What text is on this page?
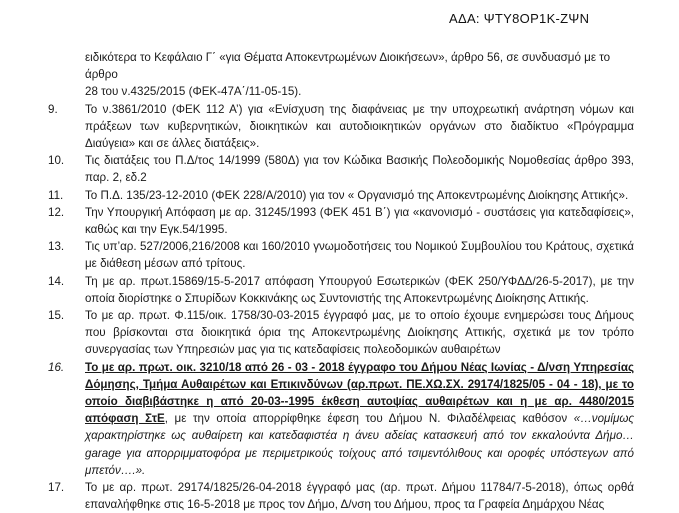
ΑΔΑ: ΨΤΥ8ΟΡ1Κ-ΖΨΝ
ειδικότερα το Κεφάλαιο Γ΄ «για Θέματα Αποκεντρωμένων Διοικήσεων», άρθρο 56, σε συνδυασμό με το άρθρο
28 του ν.4325/2015 (ΦΕΚ-47Α΄/11-05-15).
9. Το ν.3861/2010 (ΦΕΚ 112 Α’) για «Ενίσχυση της διαφάνειας με την υποχρεωτική ανάρτηση νόμων και πράξεων των κυβερνητικών, διοικητικών και αυτοδιοικητικών οργάνων στο διαδίκτυο «Πρόγραμμα Διαύγεια» και σε άλλες διατάξεις».
10. Τις διατάξεις του Π.Δ/τος 14/1999 (580Δ) για τον Κώδικα Βασικής Πολεοδομικής Νομοθεσίας άρθρο 393, παρ. 2, εδ.2
11. Το Π.Δ. 135/23-12-2010 (ΦΕΚ 228/Α/2010) για τον « Οργανισμό της Αποκεντρωμένης Διοίκησης Αττικής».
12. Την Υπουργική Απόφαση με αρ. 31245/1993 (ΦΕΚ 451 Β΄) για «κανονισμό - συστάσεις για κατεδαφίσεις», καθώς και την Εγκ.54/1995.
13. Τις υπ’αρ. 527/2006,216/2008 και 160/2010 γνωμοδοτήσεις του Νομικού Συμβουλίου του Κράτους, σχετικά με διάθεση μέσων από τρίτους.
14. Τη με αρ. πρωτ.15869/15-5-2017 απόφαση Υπουργού Εσωτερικών (ΦΕΚ 250/ΥΦΔΔ/26-5-2017), με την οποία διορίστηκε ο Σπυρίδων Κοκκινάκης ως Συντονιστής της Αποκεντρωμένης Διοίκησης Αττικής.
15. Το με αρ. πρωτ. Φ.115/οικ. 1758/30-03-2015 έγγραφό μας, με το οποίο έχουμε ενημερώσει τους Δήμους που βρίσκονται στα διοικητικά όρια της Αποκεντρωμένης Διοίκησης Αττικής, σχετικά με τον τρόπο συνεργασίας των Υπηρεσιών μας για τις κατεδαφίσεις πολεοδομικών αυθαιρέτων
16. Το με αρ. πρωτ. οικ. 3210/18 από 26 - 03 - 2018 έγγραφο του Δήμου Νέας Ιωνίας - Δ/νση Υπηρεσίας Δόμησης, Τμήμα Αυθαιρέτων και Επικινδύνων (αρ.πρωτ. ΠΕ.ΧΩ.ΣΧ. 29174/1825/05 - 04 - 18), με το οποίο διαβιβάστηκε η από 20-03-‐1995 έκθεση αυτοψίας αυθαιρέτων και η με αρ. 4480/2015 απόφαση ΣτΕ, με την οποία απορρίφθηκε έφεση του Δήμου Ν. Φιλαδέλφειας καθόσον «…νομίμως χαρακτηρίστηκε ως αυθαίρετη και κατεδαφιστέα η άνευ αδείας κατασκευή από τον εκκαλούντα Δήμο…garage για απορριμματοφόρα με περιμετρικούς τοίχους από τσιμεντόλιθους και οροφές υπόστεγων από μπετόν….».
17. Το με αρ. πρωτ. 29174/1825/26-04-2018 έγγραφό μας (αρ. πρωτ. Δήμου 11784/7-5-2018), όπως ορθά επαναλήφθηκε στις 16-5-2018 με προς τον Δήμο, Δ/νση του Δήμου, προς τα Γραφεία Δημάρχου Νέας
